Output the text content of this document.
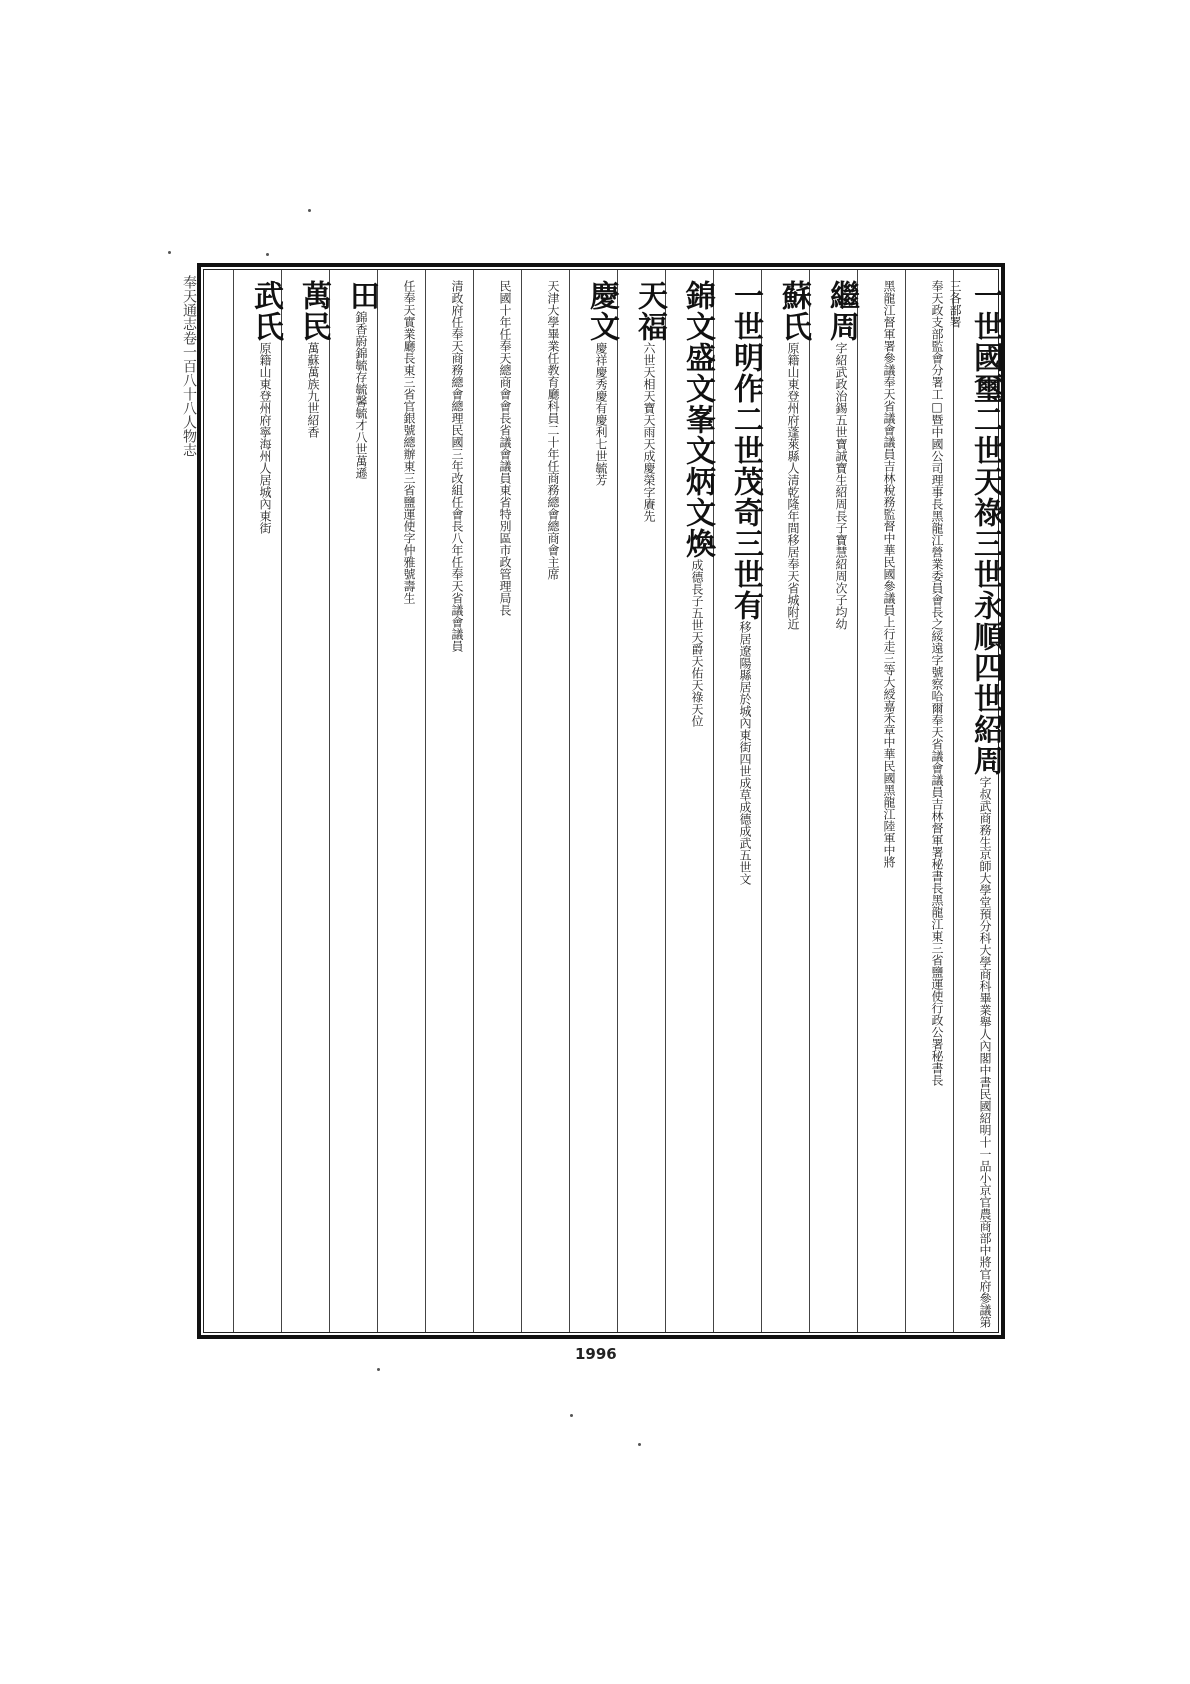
奉天通志卷一百八十八人物志	一世國璽二世天祿三世永順四世紹周字叔武商務生京師大學堂預分科大學商科畢業舉人內閣中書民國紹明十一品小京官農商部中將官府參議第三各部署
奉天政支部監會分署工□暨中國公司理事長黑龍江營業委員會長之綏遠字號察哈爾奉天省議會議員吉林督軍署秘書長黑龍江東三省鹽運使行政公署秘書長
黑龍江督軍署參議奉天省議會議員吉林稅務監督中華民國參議員上行走三等大綬嘉禾章中華民國黑龍江陸軍中將
繼周字紹武政治錫五世寶誠寶生紹周長子寶慧紹周次子均幼
蘇氏原籍山東登州府蓬萊縣人清乾隆年間移居奉天省城附近
一世明作二世茂奇三世有移居遼陽縣居於城內東街四世成草成德成武五世文
錦文盛文峯文炳文煥成德長子五世天爵天佑天祿天位
天福六世天相天寶天雨天成慶榮字賡先
慶文慶祥慶秀慶有慶利七世毓芳
天津大學畢業任教育廳科員二十年任商務總會總商會主席
民國十年任奉天總商會會長省議會議員東省特別區市政管理局長
清政府任奉天商務總會總理民國三年改組任會長八年任奉天省議會議員
任奉天實業廳長東三省官銀號總辦東三省鹽運使字仲雅號壽生
田錦香蔚錦毓存毓馨毓才八世萬遜
萬民萬蘇萬族九世紹香
武氏原籍山東登州府寧海州人居城內東街
1996
